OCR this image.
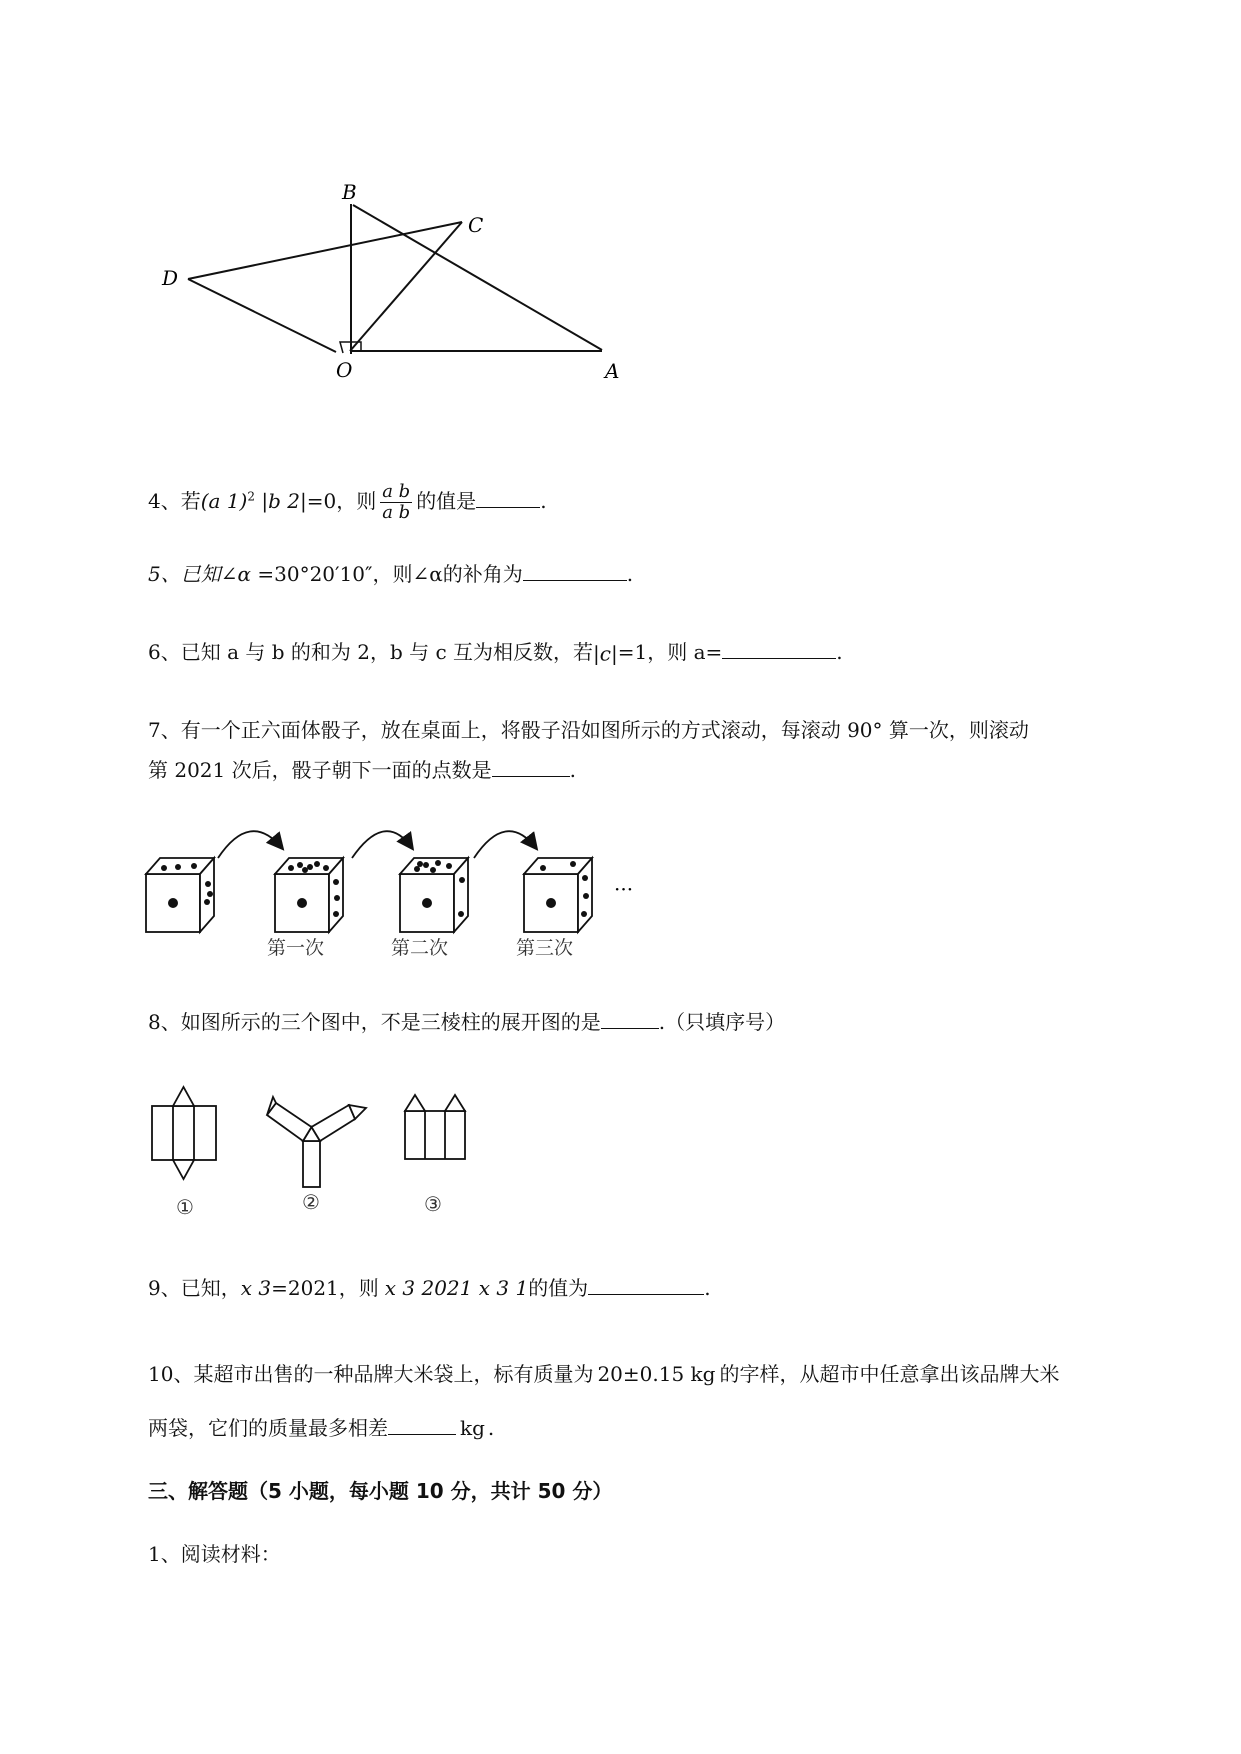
B
C
D
O	A
4、若(a 1)$^2$ |b 2|=0，则 $\frac{\text{a b}}{\text{a b}}$ 的值是	.
5、已知∠α =30°20′10″，则∠α的补角为	.
6、已知 a 与 b 的和为 2，b 与 c 互为相反数，若|c|=1，则 a=	.
7、有一个正六面体骰子，放在桌面上，将骰子沿如图所示的方式滚动，每滚动 90° 算一次，则滚动
第 2021 次后，骰子朝下一面的点数是	.
···
第一次	第二次	第三次
8、如图所示的三个图中，不是三棱柱的展开图的是	.（只填序号）
①	②	③
9、已知，x 3=2021，则 x 3 2021 x 3 1的值为	.
10、某超市出售的一种品牌大米袋上，标有质量为 20±0.15 kg 的字样，从超市中任意拿出该品牌大米
两袋，它们的质量最多相差	kg .
三、解答题（5 小题，每小题 10 分，共计 50 分）
1、阅读材料：
